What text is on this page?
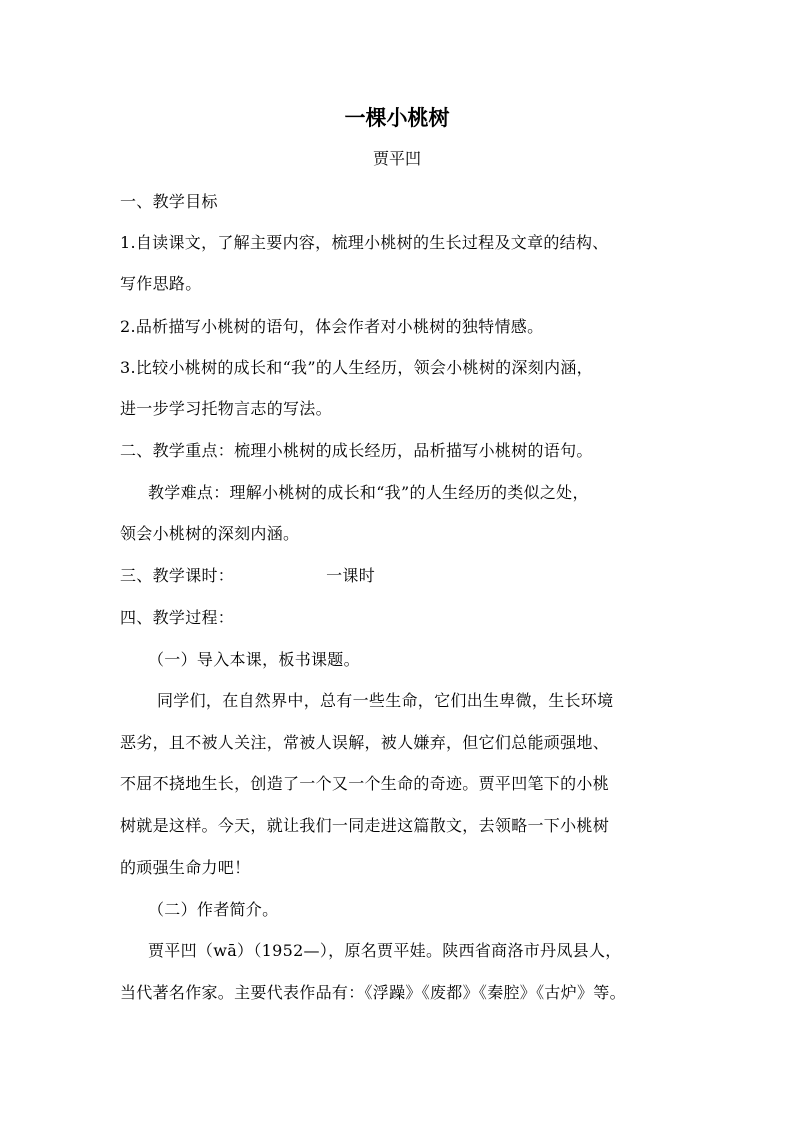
一棵小桃树
贾平凹
一、教学目标
1.自读课文，了解主要内容，梳理小桃树的生长过程及文章的结构、
写作思路。
2.品析描写小桃树的语句，体会作者对小桃树的独特情感。
3.比较小桃树的成长和“我”的人生经历，领会小桃树的深刻内涵，
进一步学习托物言志的写法。
二、教学重点：梳理小桃树的成长经历，品析描写小桃树的语句。
教学难点：理解小桃树的成长和“我”的人生经历的类似之处，
领会小桃树的深刻内涵。
三、教学课时：	一课时
四、教学过程：
（一）导入本课，板书课题。
同学们，在自然界中，总有一些生命，它们出生卑微，生长环境
恶劣，且不被人关注，常被人误解，被人嫌弃，但它们总能顽强地、
不屈不挠地生长，创造了一个又一个生命的奇迹。贾平凹笔下的小桃
树就是这样。今天，就让我们一同走进这篇散文，去领略一下小桃树
的顽强生命力吧！
（二）作者简介。
贾平凹（wā）（1952—），原名贾平娃。陕西省商洛市丹凤县人，
当代著名作家。主要代表作品有：《浮躁》《废都》《秦腔》《古炉》等。
